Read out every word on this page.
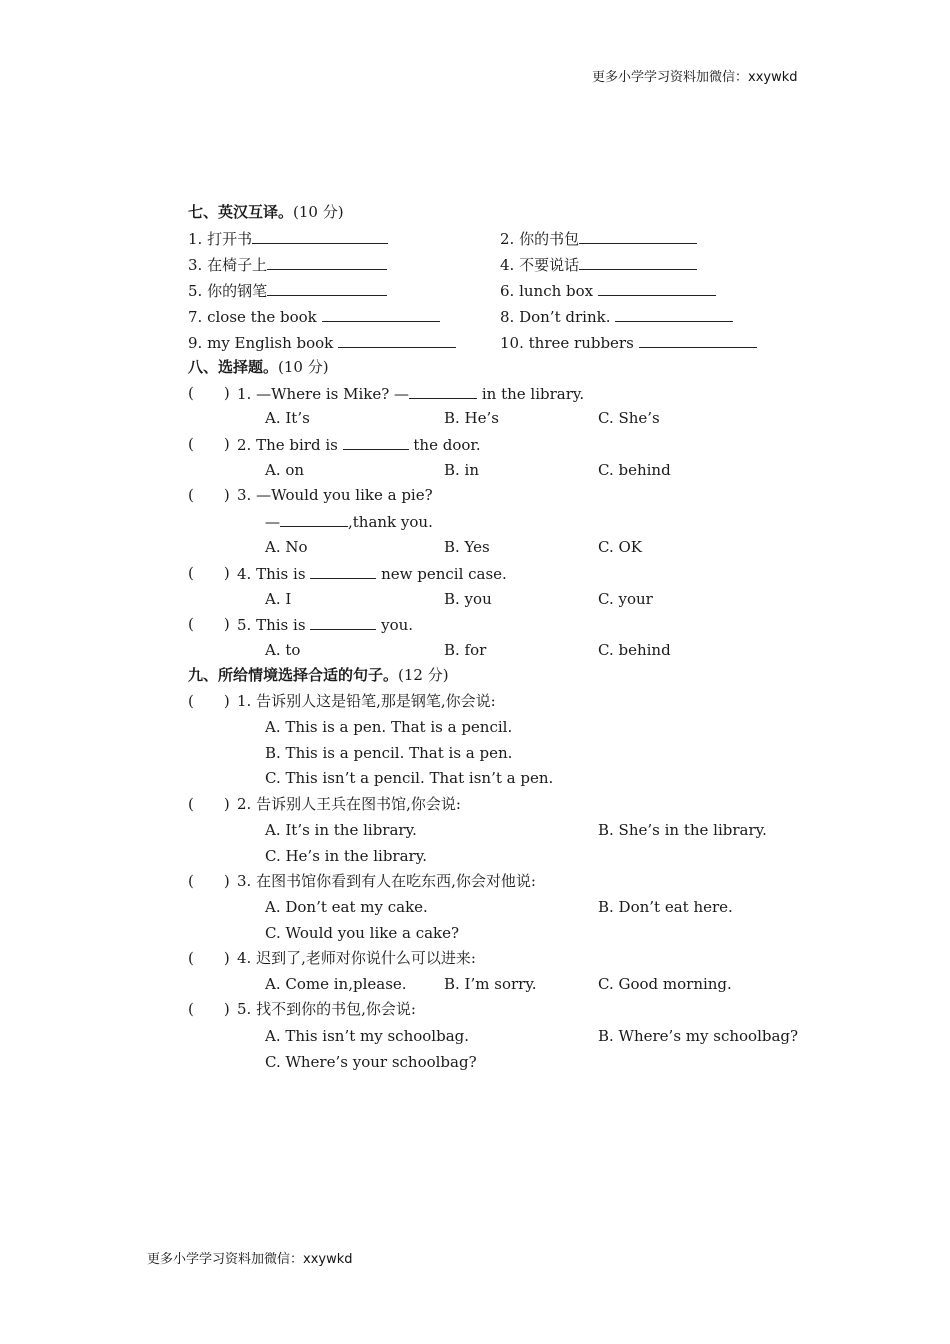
更多小学学习资料加微信：xxywkd
七、英汉互译。(10 分)
1. 打开书	2. 你的书包
3. 在椅子上	4. 不要说话
5. 你的钢笔	6. lunch box
7. close the book	8. Don’t drink.
9. my English book	10. three rubbers
八、选择题。(10 分)
(　　) 1. —Where is Mike? —	in the library.
A. It’s	B. He’s	C. She’s
(　　) 2. The bird is	the door.
A. on	B. in	C. behind
(　　) 3. —Would you like a pie?
—	,thank you.
A. No	B. Yes	C. OK
(　　) 4. This is	new pencil case.
A. I	B. you	C. your
(　　) 5. This is	you.
A. to	B. for	C. behind
九、所给情境选择合适的句子。(12 分)
(　　) 1. 告诉别人这是铅笔,那是钢笔,你会说:
A. This is a pen. That is a pencil.
B. This is a pencil. That is a pen.
C. This isn’t a pencil. That isn’t a pen.
(　　) 2. 告诉别人王兵在图书馆,你会说:
A. It’s in the library.	B. She’s in the library.
C. He’s in the library.
(　　) 3. 在图书馆你看到有人在吃东西,你会对他说:
A. Don’t eat my cake.	B. Don’t eat here.
C. Would you like a cake?
(　　) 4. 迟到了,老师对你说什么可以进来:
A. Come in,please. B. I’m sorry.	C. Good morning.
(　　) 5. 找不到你的书包,你会说:
A. This isn’t my schoolbag.	B. Where’s my schoolbag?
C. Where’s your schoolbag?
更多小学学习资料加微信：xxywkd
